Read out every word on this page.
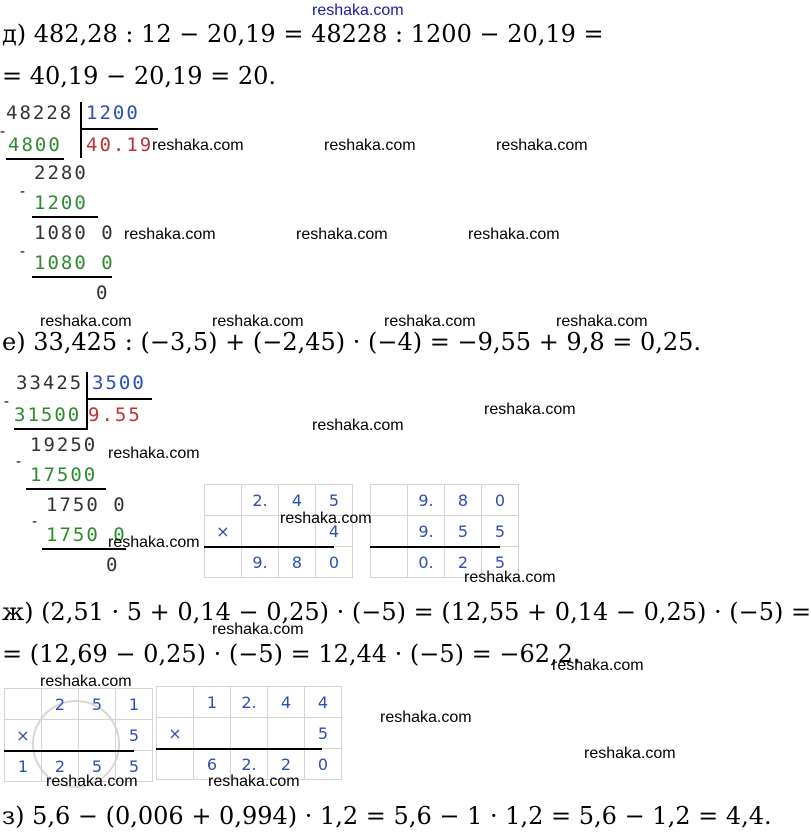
reshaka.com
д) 482,28 : 12 − 20,19 = 48228 : 1200 − 20,19 =
= 40,19 − 20,19 = 20.
48228 1200
40.19
-
4800
2280
- 1200
1080 0
- 1080 0
0
reshaka.com	reshaka.com	reshaka.com
reshaka.com	reshaka.com	reshaka.com
reshaka.com	reshaka.com	reshaka.com	reshaka.com
е) 33,425 : (−3,5) + (−2,45) · (−4) = −9,55 + 9,8 = 0,25.
33425 3500
9.55
-
31500
19250
-
17500
1750 0
-
1750 0
0
	2.	4	5
×			4
	9.	8	0
	9.	8	0
	9.	5	5
	0.	2	5
reshaka.com
reshaka.com
reshaka.com
reshaka.com
reshaka.com
reshaka.com
ж) (2,51 · 5 + 0,14 − 0,25) · (−5) = (12,55 + 0,14 − 0,25) · (−5) =
= (12,69 − 0,25) · (−5) = 12,44 · (−5) = −62,2.
reshaka.com
reshaka.com
reshaka.com
	2	5	1
×			5
1	2	5	5
	1	2.	4	4
×				5
	6	2.	2	0
reshaka.com
reshaka.com
reshaka.com	reshaka.com
з) 5,6 − (0,006 + 0,994) · 1,2 = 5,6 − 1 · 1,2 = 5,6 − 1,2 = 4,4.
